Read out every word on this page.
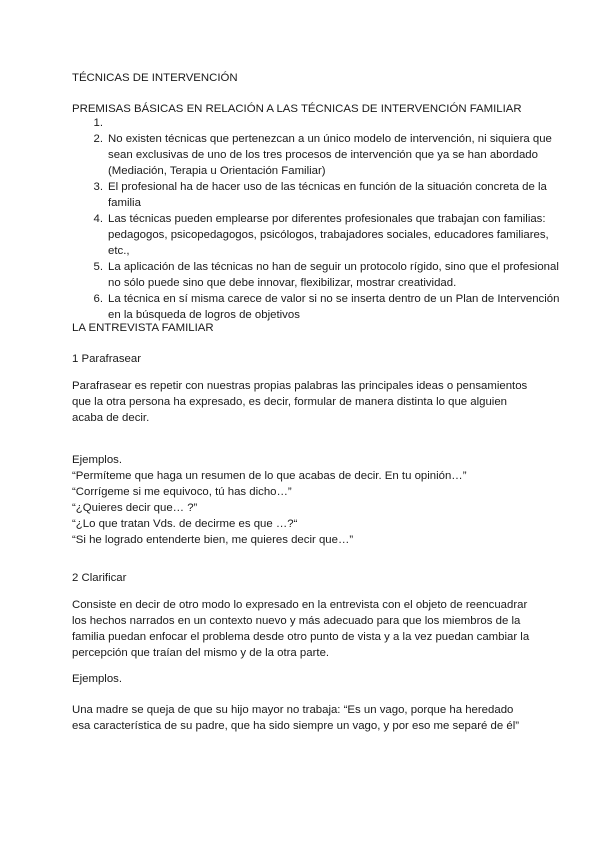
TÉCNICAS DE INTERVENCIÓN

PREMISAS BÁSICAS EN RELACIÓN A LAS TÉCNICAS DE INTERVENCIÓN FAMILIAR

1.
2. No existen técnicas que pertenezcan a un único modelo de intervención, ni siquiera que sean exclusivas de uno de los tres procesos de intervención que ya se han abordado (Mediación, Terapia u Orientación Familiar)
3. El profesional ha de hacer uso de las técnicas en función de la situación concreta de la familia
4. Las técnicas pueden emplearse por diferentes profesionales que trabajan con familias: pedagogos, psicopedagogos, psicólogos, trabajadores sociales, educadores familiares, etc.,
5. La aplicación de las técnicas no han de seguir un protocolo rígido, sino que el profesional no sólo puede sino que debe innovar, flexibilizar, mostrar creatividad.
6. La técnica en sí misma carece de valor si no se inserta dentro de un Plan de Intervención en la búsqueda de logros de objetivos

LA ENTREVISTA FAMILIAR

1 Parafrasear

Parafrasear es repetir con nuestras propias palabras las principales ideas o pensamientos que la otra persona ha expresado, es decir, formular de manera distinta lo que alguien acaba de decir.

Ejemplos.
“Permíteme que haga un resumen de lo que acabas de decir. En tu opinión…”
“Corrígeme si me equivoco, tú has dicho…”
“¿Quieres decir que… ?”
“¿Lo que tratan Vds. de decirme es que …?“
“Si he logrado entenderte bien, me quieres decir que…”

2 Clarificar

Consiste en decir de otro modo lo expresado en la entrevista con el objeto de reencuadrar los hechos narrados en un contexto nuevo y más adecuado para que los miembros de la familia puedan enfocar el problema desde otro punto de vista y a la vez puedan cambiar la percepción que traían del mismo y de la otra parte.

Ejemplos.

Una madre se queja de que su hijo mayor no trabaja: “Es un vago, porque ha heredado esa característica de su padre, que ha sido siempre un vago, y por eso me separé de él”
